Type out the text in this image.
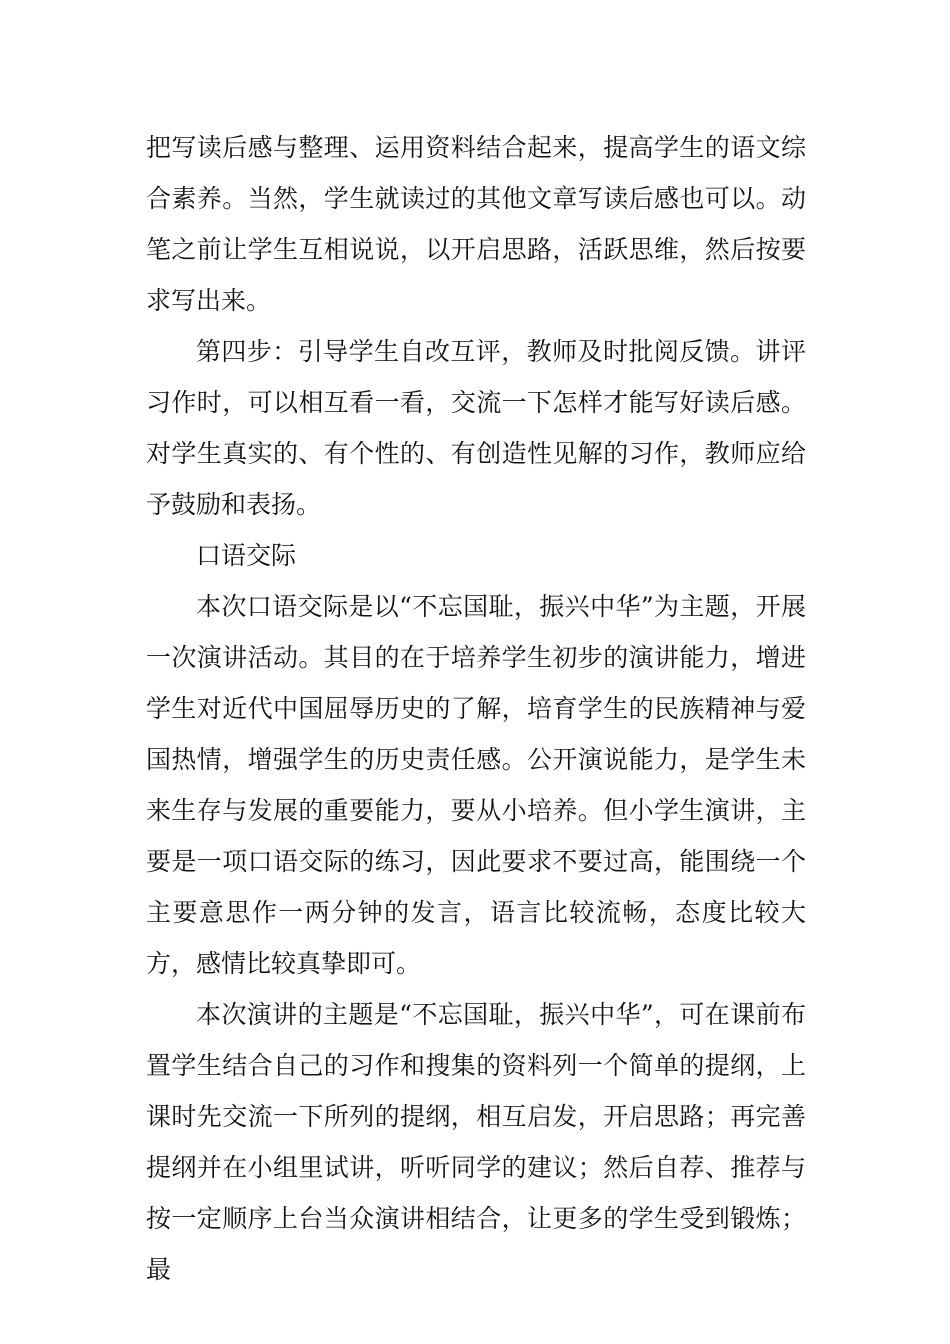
把写读后感与整理、运用资料结合起来，提高学生的语文综合素养。当然，学生就读过的其他文章写读后感也可以。动笔之前让学生互相说说，以开启思路，活跃思维，然后按要求写出来。

第四步：引导学生自改互评，教师及时批阅反馈。讲评习作时，可以相互看一看，交流一下怎样才能写好读后感。对学生真实的、有个性的、有创造性见解的习作，教师应给予鼓励和表扬。

口语交际

本次口语交际是以“不忘国耻，振兴中华”为主题，开展一次演讲活动。其目的在于培养学生初步的演讲能力，增进学生对近代中国屈辱历史的了解，培育学生的民族精神与爱国热情，增强学生的历史责任感。公开演说能力，是学生未来生存与发展的重要能力，要从小培养。但小学生演讲，主要是一项口语交际的练习，因此要求不要过高，能围绕一个主要意思作一两分钟的发言，语言比较流畅，态度比较大方，感情比较真挚即可。

本次演讲的主题是“不忘国耻，振兴中华”，可在课前布置学生结合自己的习作和搜集的资料列一个简单的提纲，上课时先交流一下所列的提纲，相互启发，开启思路；再完善提纲并在小组里试讲，听听同学的建议；然后自荐、推荐与按一定顺序上台当众演讲相结合，让更多的学生受到锻炼；最
